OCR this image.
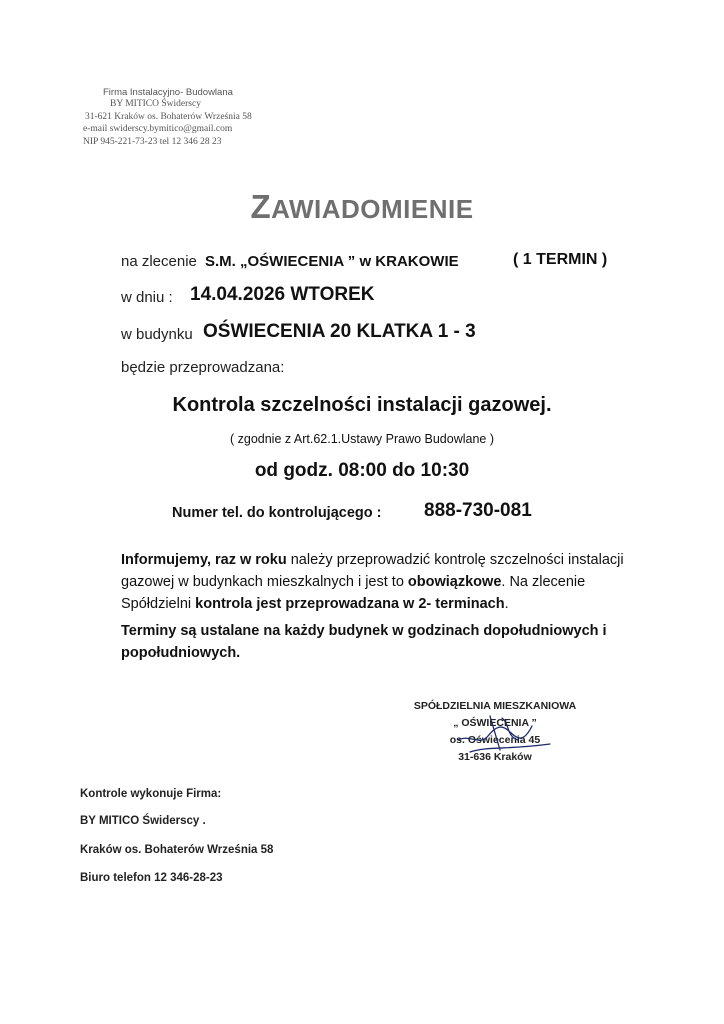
Firma Instalacyjno- Budowlana
BY MITICO Świderscy
31-621 Kraków os. Bohaterów Września 58
e-mail swiderscy.bymitico@gmail.com
NIP 945-221-73-23 tel 12 346 28 23
ZAWIADOMIENIE
na zlecenie S.M. „OŚWIECENIA ” w KRAKOWIE	( 1 TERMIN )
w dniu : 14.04.2026 WTOREK
w budynku OŚWIECENIA 20 KLATKA 1 - 3
będzie przeprowadzana:
Kontrola szczelności instalacji gazowej.
( zgodnie z Art.62.1.Ustawy Prawo Budowlane )
od godz. 08:00 do 10:30
Numer tel. do kontrolującego : 888-730-081
Informujemy, raz w roku należy przeprowadzić kontrolę szczelności instalacji
gazowej w budynkach mieszkalnych i jest to obowiązkowe. Na zlecenie
Spółdzielni kontrola jest przeprowadzana w 2- terminach.
Terminy są ustalane na każdy budynek w godzinach dopołudniowych i
popołudniowych.
SPÓŁDZIELNIA MIESZKANIOWA
„ OŚWIECENIA ”
os. Oświecenia 45
31-636 Kraków
Kontrole wykonuje Firma:
BY MITICO Świderscy .
Kraków os. Bohaterów Września 58
Biuro telefon 12 346-28-23
